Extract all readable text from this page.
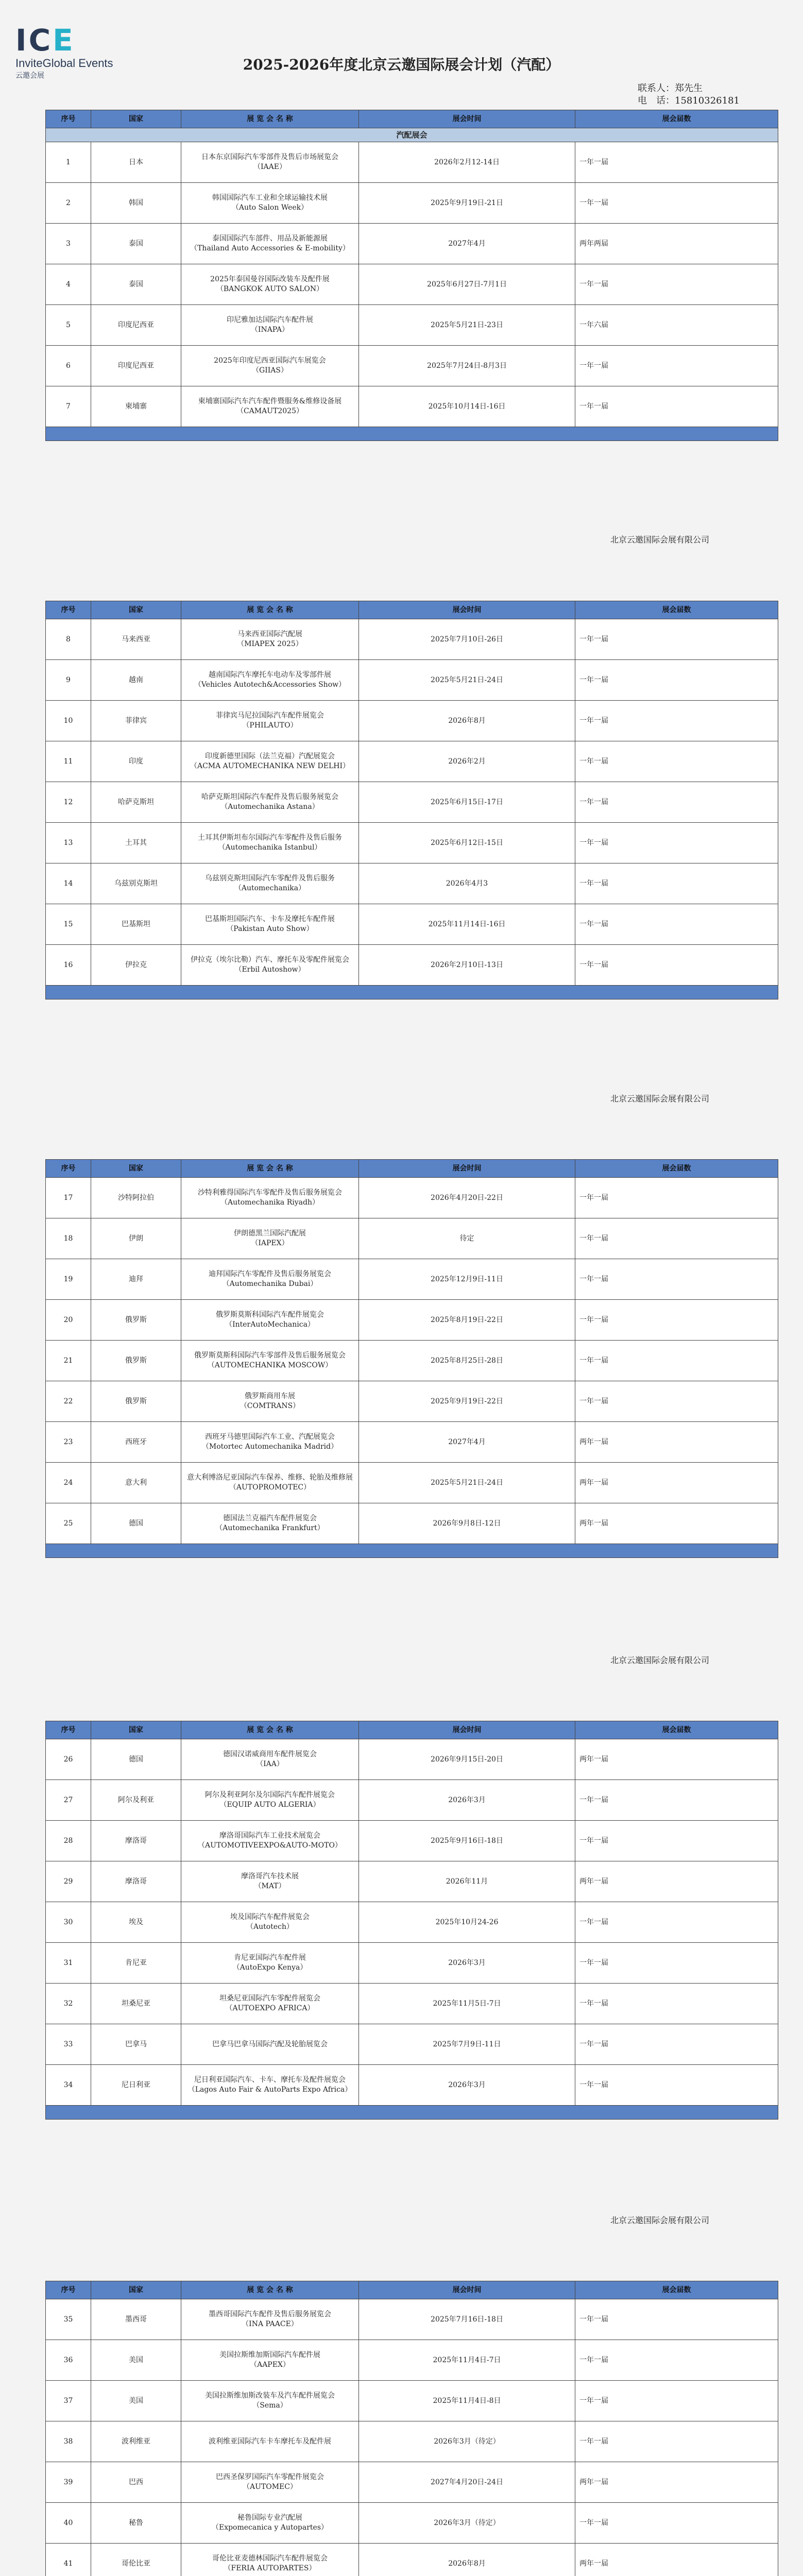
ICE
InviteGlobal Events
云邀会展
2025-2026年度北京云邀国际展会计划（汽配）
联系人：郑先生
电　话：15810326181
序号	国家	展 览 会 名 称	展会时间	展会届数
汽配展会				
1	日本	日本东京国际汽车零部件及售后市场展览会
（IAAE）	2026年2月12-14日	一年一届
2	韩国	韩国国际汽车工业和全球运输技术展
（Auto Salon Week）	2025年9月19日-21日	一年一届
3	泰国	泰国国际汽车部件、用品及新能源展
（Thailand Auto Accessories & E-mobility）	2027年4月	两年两届
4	泰国	2025年泰国曼谷国际改装车及配件展
（BANGKOK AUTO SALON）	2025年6月27日-7月1日	一年一届
5	印度尼西亚	印尼雅加达国际汽车配件展
（INAPA）	2025年5月21日-23日	一年六届
6	印度尼西亚	2025年印度尼西亚国际汽车展览会
（GIIAS）	2025年7月24日-8月3日	一年一届
7	柬埔寨	柬埔寨国际汽车汽车配件暨服务&维修设备展
（CAMAUT2025）	2025年10月14日-16日	一年一届

北京云邀国际会展有限公司
序号	国家	展 览 会 名 称	展会时间	展会届数
8	马来西亚	马来西亚国际汽配展
（MIAPEX 2025）	2025年7月10日-26日	一年一届
9	越南	越南国际汽车摩托车电动车及零部件展
（Vehicles Autotech&Accessories Show）	2025年5月21日-24日	一年一届
10	菲律宾	菲律宾马尼拉国际汽车配件展览会
（PHILAUTO）	2026年8月	一年一届
11	印度	印度新德里国际（法兰克福）汽配展览会
（ACMA AUTOMECHANIKA NEW DELHI）	2026年2月	一年一届
12	哈萨克斯坦	哈萨克斯坦国际汽车配件及售后服务展览会
（Automechanika Astana）	2025年6月15日-17日	一年一届
13	土耳其	土耳其伊斯坦布尔国际汽车零配件及售后服务
（Automechanika Istanbul）	2025年6月12日-15日	一年一届
14	乌兹别克斯坦	乌兹别克斯坦国际汽车零配件及售后服务
（Automechanika）	2026年4月3	一年一届
15	巴基斯坦	巴基斯坦国际汽车、卡车及摩托车配件展
（Pakistan Auto Show）	2025年11月14日-16日	一年一届
16	伊拉克	伊拉克（埃尔比勒）汽车、摩托车及零配件展览会
（Erbil Autoshow）	2026年2月10日-13日	一年一届

北京云邀国际会展有限公司
序号	国家	展 览 会 名 称	展会时间	展会届数
17	沙特阿拉伯	沙特利雅得国际汽车零配件及售后服务展览会
（Automechanika Riyadh）	2026年4月20日-22日	一年一届
18	伊朗	伊朗德黑兰国际汽配展
（IAPEX）	待定	一年一届
19	迪拜	迪拜国际汽车零配件及售后服务展览会
（Automechanika Dubai）	2025年12月9日-11日	一年一届
20	俄罗斯	俄罗斯莫斯科国际汽车配件展览会
（InterAutoMechanica）	2025年8月19日-22日	一年一届
21	俄罗斯	俄罗斯莫斯科国际汽车零部件及售后服务展览会
（AUTOMECHANIKA MOSCOW）	2025年8月25日-28日	一年一届
22	俄罗斯	俄罗斯商用车展
（COMTRANS）	2025年9月19日-22日	一年一届
23	西班牙	西班牙马德里国际汽车工业、汽配展览会
（Motortec Automechanika Madrid）	2027年4月	两年一届
24	意大利	意大利博洛尼亚国际汽车保养、维修、轮胎及维修展
（AUTOPROMOTEC）	2025年5月21日-24日	两年一届
25	德国	德国法兰克福汽车配件展览会
（Automechanika Frankfurt）	2026年9月8日-12日	两年一届

北京云邀国际会展有限公司
序号	国家	展 览 会 名 称	展会时间	展会届数
26	德国	德国汉诺威商用车配件展览会
（IAA）	2026年9月15日-20日	两年一届
27	阿尔及利亚	阿尔及利亚阿尔及尔国际汽车配件展览会
（EQUIP AUTO ALGERIA）	2026年3月	一年一届
28	摩洛哥	摩洛哥国际汽车工业技术展览会
（AUTOMOTIVEEXPO&AUTO-MOTO）	2025年9月16日-18日	一年一届
29	摩洛哥	摩洛哥汽车技术展
（MAT）	2026年11月	两年一届
30	埃及	埃及国际汽车配件展览会
（Autotech）	2025年10月24-26	一年一届
31	肯尼亚	肯尼亚国际汽车配件展
（AutoExpo Kenya）	2026年3月	一年一届
32	坦桑尼亚	坦桑尼亚国际汽车零配件展览会
（AUTOEXPO AFRICA）	2025年11月5日-7日	一年一届
33	巴拿马	巴拿马巴拿马国际汽配及轮胎展览会	2025年7月9日-11日	一年一届
34	尼日利亚	尼日利亚国际汽车、卡车、摩托车及配件展览会
（Lagos Auto Fair & AutoParts Expo Africa）	2026年3月	一年一届

北京云邀国际会展有限公司
序号	国家	展 览 会 名 称	展会时间	展会届数
35	墨西哥	墨西哥国际汽车配件及售后服务展览会
（INA PAACE）	2025年7月16日-18日	一年一届
36	美国	美国拉斯维加斯国际汽车配件展
（AAPEX）	2025年11月4日-7日	一年一届
37	美国	美国拉斯维加斯改装车及汽车配件展览会
（Sema）	2025年11月4日-8日	一年一届
38	波利维亚	波利维亚国际汽车卡车摩托车及配件展	2026年3月（待定）	一年一届
39	巴西	巴西圣保罗国际汽车零配件展览会
（AUTOMEC）	2027年4月20日-24日	两年一届
40	秘鲁	秘鲁国际专业汽配展
（Expomecanica y Autopartes）	2026年3月（待定）	一年一届
41	哥伦比亚	哥伦比亚麦德林国际汽车配件展览会
（FERIA AUTOPARTES）	2026年8月	两年一届
